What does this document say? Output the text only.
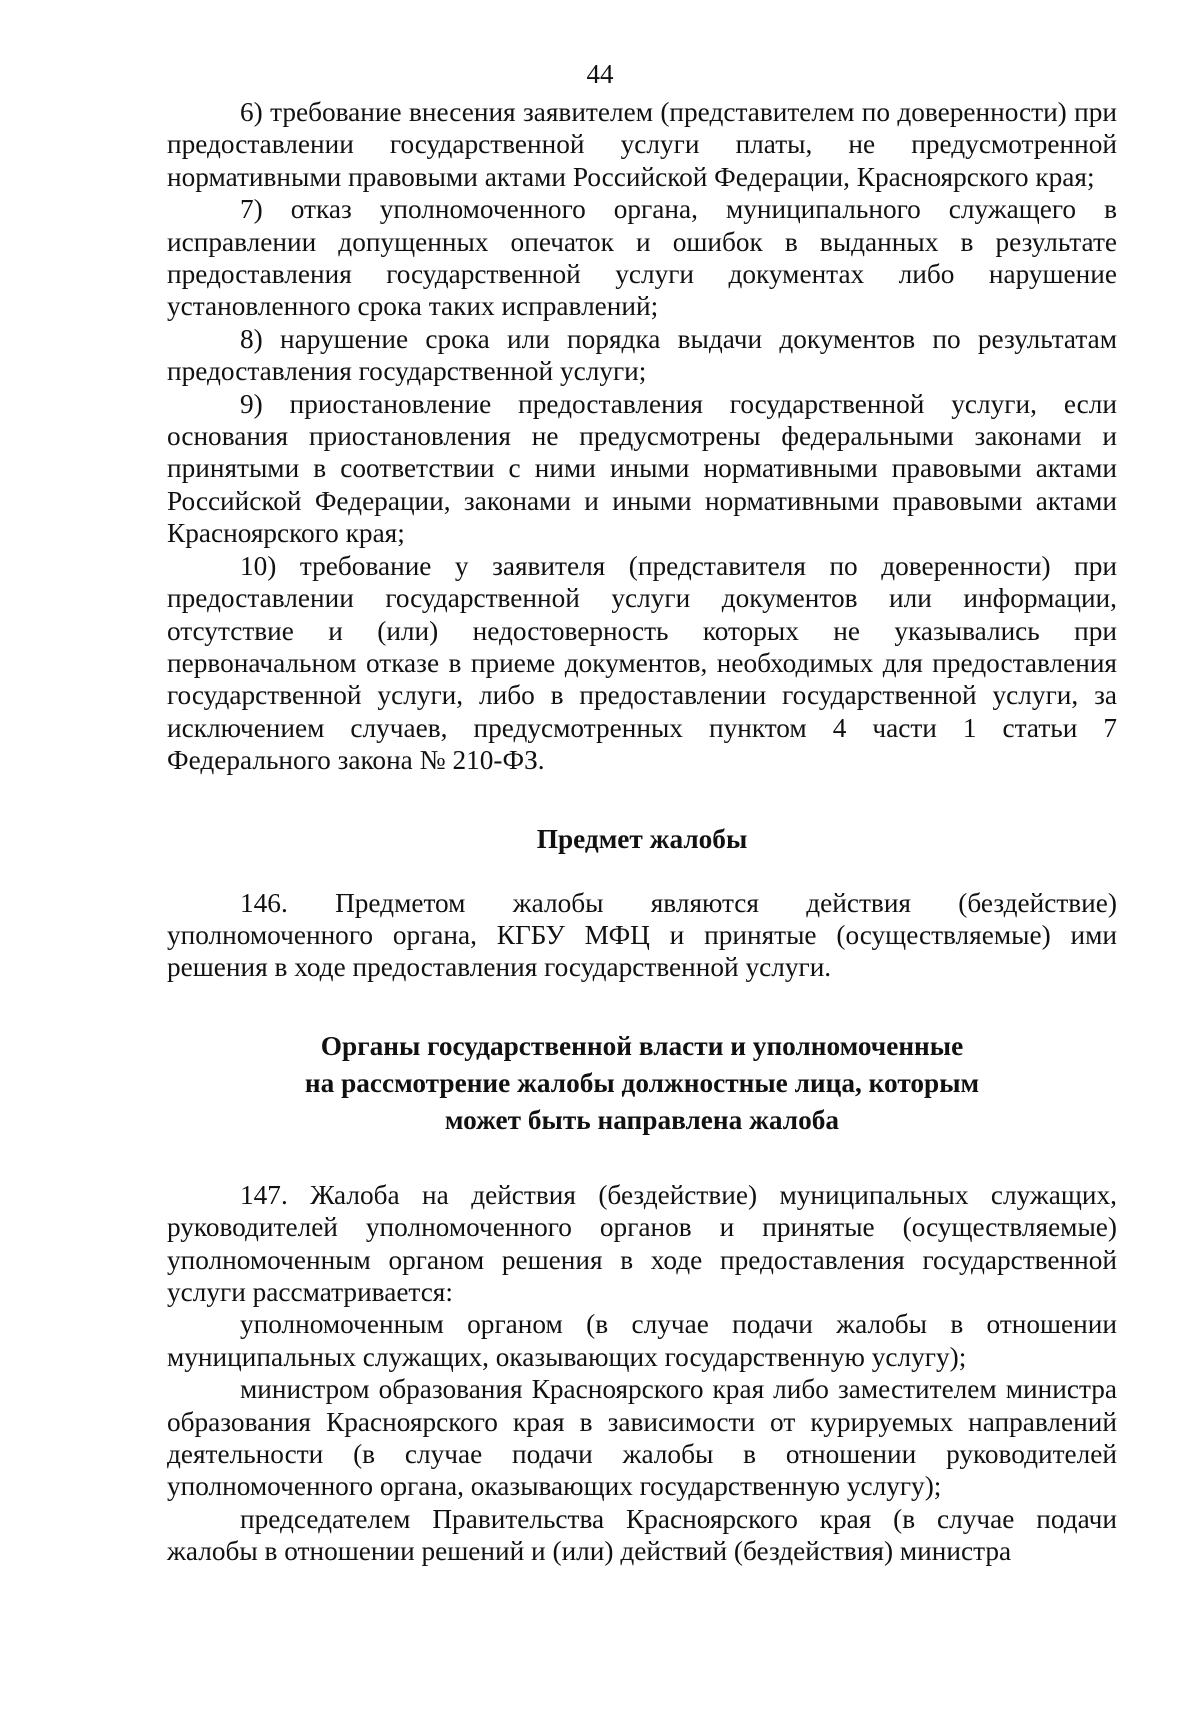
44

6) требование внесения заявителем (представителем по доверенности) при предоставлении государственной услуги платы, не предусмотренной нормативными правовыми актами Российской Федерации, Красноярского края;

7) отказ уполномоченного органа, муниципального служащего в исправлении допущенных опечаток и ошибок в выданных в результате предоставления государственной услуги документах либо нарушение установленного срока таких исправлений;

8) нарушение срока или порядка выдачи документов по результатам предоставления государственной услуги;

9) приостановление предоставления государственной услуги, если основания приостановления не предусмотрены федеральными законами и принятыми в соответствии с ними иными нормативными правовыми актами Российской Федерации, законами и иными нормативными правовыми актами Красноярского края;

10) требование у заявителя (представителя по доверенности) при предоставлении государственной услуги документов или информации, отсутствие и (или) недостоверность которых не указывались при первоначальном отказе в приеме документов, необходимых для предоставления государственной услуги, либо в предоставлении государственной услуги, за исключением случаев, предусмотренных пунктом 4 части 1 статьи 7 Федерального закона № 210-ФЗ.

Предмет жалобы

146. Предметом жалобы являются действия (бездействие) уполномоченного органа, КГБУ МФЦ и принятые (осуществляемые) ими решения в ходе предоставления государственной услуги.

Органы государственной власти и уполномоченные
на рассмотрение жалобы должностные лица, которым
может быть направлена жалоба

147. Жалоба на действия (бездействие) муниципальных служащих, руководителей уполномоченного органов и принятые (осуществляемые) уполномоченным органом решения в ходе предоставления государственной услуги рассматривается:

уполномоченным органом (в случае подачи жалобы в отношении муниципальных служащих, оказывающих государственную услугу);

министром образования Красноярского края либо заместителем министра образования Красноярского края в зависимости от курируемых направлений деятельности (в случае подачи жалобы в отношении руководителей уполномоченного органа, оказывающих государственную услугу);

председателем Правительства Красноярского края (в случае подачи жалобы в отношении решений и (или) действий (бездействия) министра
